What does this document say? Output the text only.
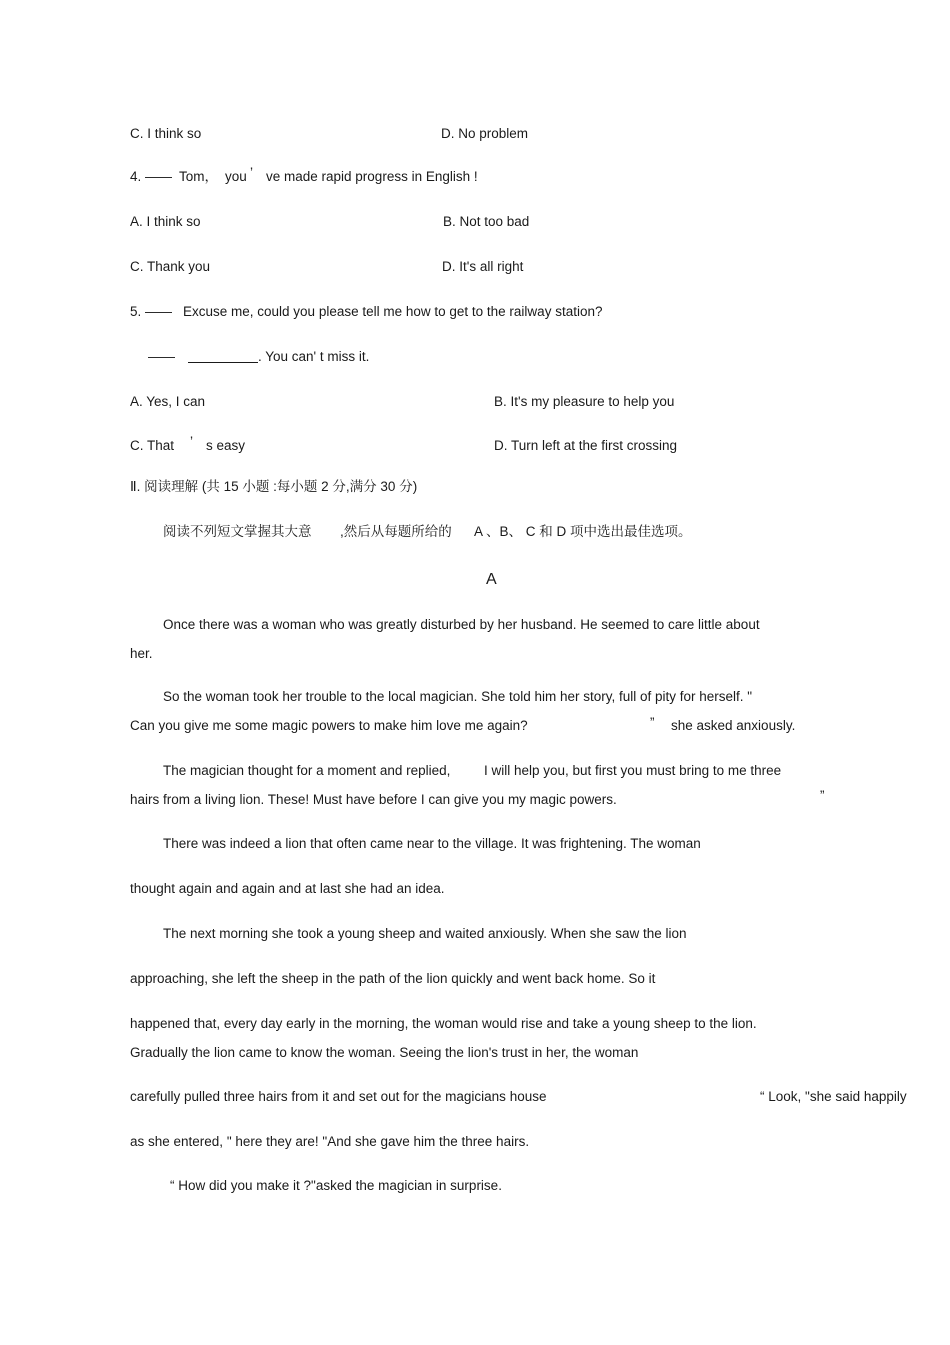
C. I think so	D. No problem
4. —— Tom， you ’ ve made rapid progress in English !
A. I think so	B. Not too bad
C. Thank you	D. It's all right
5. —— Excuse me, could you please tell me how to get to the railway station?
——	. You can' t miss it.
A. Yes, I can	B. It's my pleasure to help you
C. That ’ s easy	D. Turn left at the first crossing
Ⅱ. 阅读理解 (共 15 小题 :每小题 2 分,满分 30 分)
阅读不列短文掌握其大意 ,然后从每题所给的 A 、B、 C 和 D 项中选出最佳选项。
A
Once there was a woman who was greatly disturbed by her husband. He seemed to care little about
her.
So the woman took her trouble to the local magician. She told him her story, full of pity for herself. "
Can you give me some magic powers to make him love me again?	” she asked anxiously.
The magician thought for a moment and replied, I will help you, but first you must bring to me three
hairs from a living lion. These! Must have before I can give you my magic powers.	”
There was indeed a lion that often came near to the village. It was frightening. The woman
thought again and again and at last she had an idea.
The next morning she took a young sheep and waited anxiously. When she saw the lion
approaching, she left the sheep in the path of the lion quickly and went back home. So it
happened that, every day early in the morning, the woman would rise and take a young sheep to the lion.
Gradually the lion came to know the woman. Seeing the lion's trust in her, the woman
carefully pulled three hairs from it and set out for the magicians house	“ Look, "she said happily
as she entered, " here they are! "And she gave him the three hairs.
“ How did you make it ?"asked the magician in surprise.
